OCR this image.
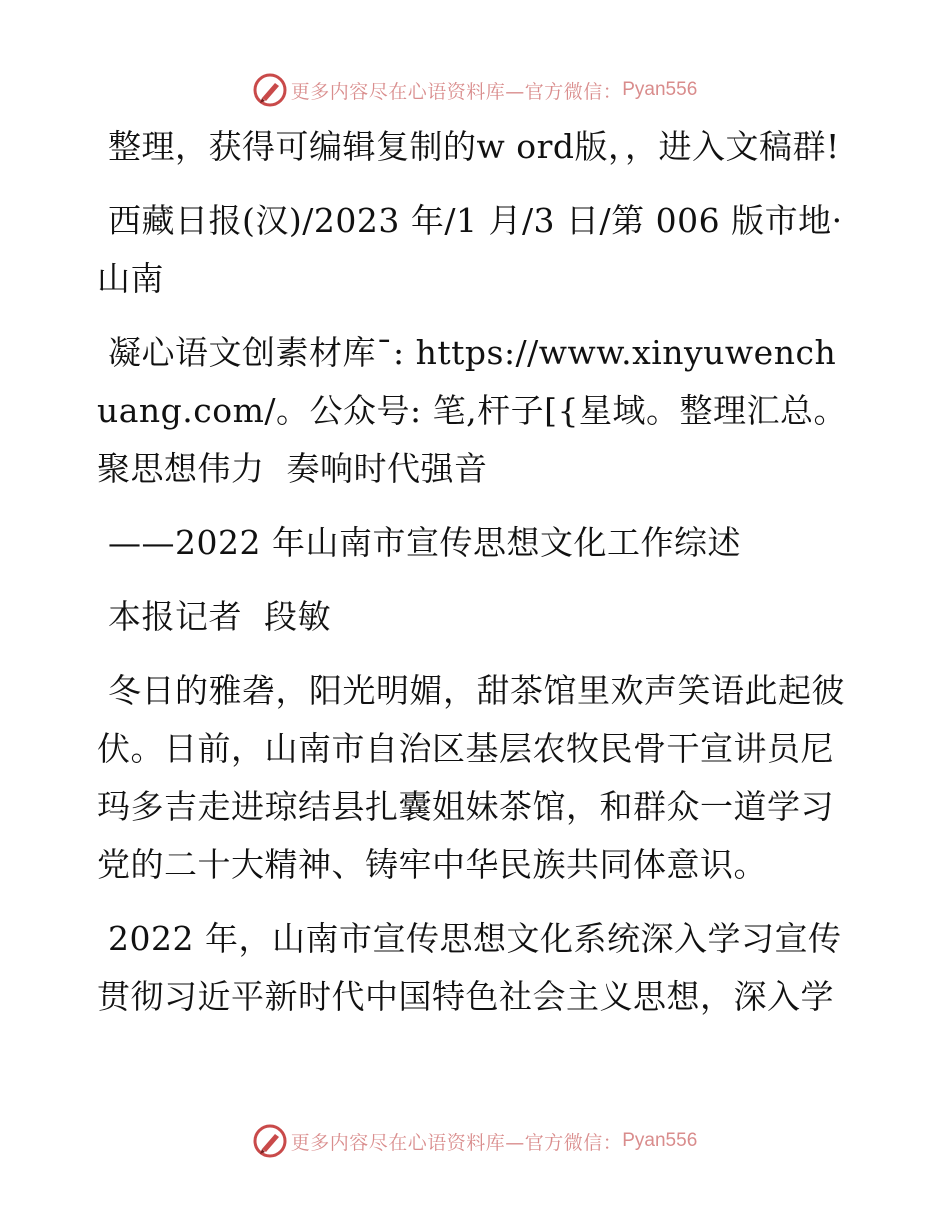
更多内容尽在心语资料库—官方微信： Pyan556

整理，获得可编辑复制的w ord版，，进入文稿群!

西藏日报(汉)/2023 年/1 月/3 日/第 006 版市地· 山南

凝心语文创素材库¯: https://www.xinyuwenchuang.com/。公众号: 笔,杆子[{星域。整理汇总。聚思想伟力  奏响时代强音

——2022 年山南市宣传思想文化工作综述

本报记者  段敏

冬日的雅砻，阳光明媚，甜茶馆里欢声笑语此起彼伏。日前，山南市自治区基层农牧民骨干宣讲员尼玛多吉走进琼结县扎囊姐妹茶馆，和群众一道学习党的二十大精神、铸牢中华民族共同体意识。

2022 年，山南市宣传思想文化系统深入学习宣传贯彻习近平新时代中国特色社会主义思想，深入学

更多内容尽在心语资料库—官方微信： Pyan556
